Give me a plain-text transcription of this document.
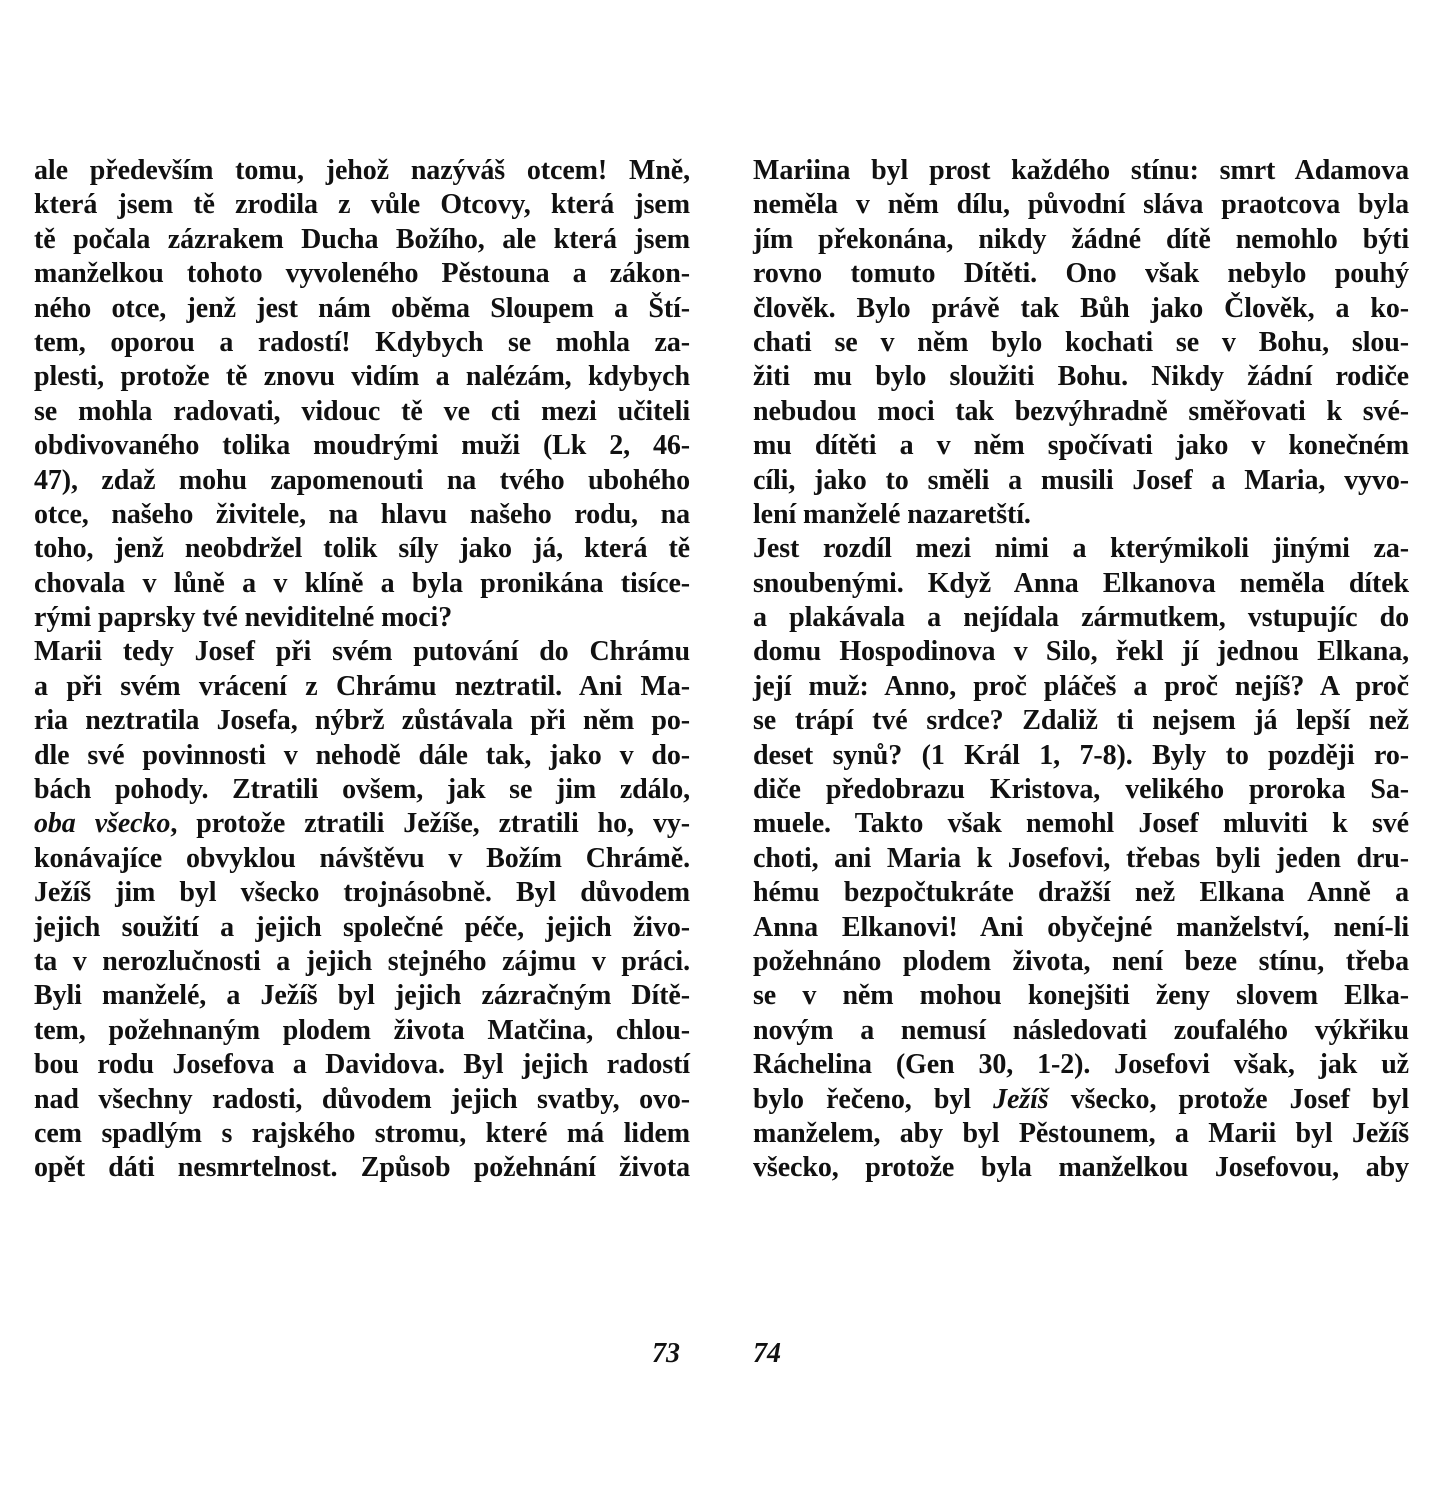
ale především tomu, jehož nazýváš otcem! Mně,
která jsem tě zrodila z vůle Otcovy, která jsem
tě počala zázrakem Ducha Božího, ale která jsem
manželkou tohoto vyvoleného Pěstouna a zákon-
ného otce, jenž jest nám oběma Sloupem a Ští-
tem, oporou a radostí! Kdybych se mohla za-
plesti, protože tě znovu vidím a nalézám, kdybych
se mohla radovati, vidouc tě ve cti mezi učiteli
obdivovaného tolika moudrými muži (Lk 2, 46-
47), zdaž mohu zapomenouti na tvého ubohého
otce, našeho živitele, na hlavu našeho rodu, na
toho, jenž neobdržel tolik síly jako já, která tě
chovala v lůně a v klíně a byla pronikána tisíce-
rými paprsky tvé neviditelné moci?
Marii tedy Josef při svém putování do Chrámu
a při svém vrácení z Chrámu neztratil. Ani Ma-
ria neztratila Josefa, nýbrž zůstávala při něm po-
dle své povinnosti v nehodě dále tak, jako v do-
bách pohody. Ztratili ovšem, jak se jim zdálo,
oba všecko, protože ztratili Ježíše, ztratili ho, vy-
konávajíce obvyklou návštěvu v Božím Chrámě.
Ježíš jim byl všecko trojnásobně. Byl důvodem
jejich soužití a jejich společné péče, jejich živo-
ta v nerozlučnosti a jejich stejného zájmu v práci.
Byli manželé, a Ježíš byl jejich zázračným Dítě-
tem, požehnaným plodem života Matčina, chlou-
bou rodu Josefova a Davidova. Byl jejich radostí
nad všechny radosti, důvodem jejich svatby, ovo-
cem spadlým s rajského stromu, které má lidem
opět dáti nesmrtelnost. Způsob požehnání života
Mariina byl prost každého stínu: smrt Adamova
neměla v něm dílu, původní sláva praotcova byla
jím překonána, nikdy žádné dítě nemohlo býti
rovno tomuto Dítěti. Ono však nebylo pouhý
člověk. Bylo právě tak Bůh jako Člověk, a ko-
chati se v něm bylo kochati se v Bohu, slou-
žiti mu bylo sloužiti Bohu. Nikdy žádní rodiče
nebudou moci tak bezvýhradně směřovati k své-
mu dítěti a v něm spočívati jako v konečném
cíli, jako to směli a musili Josef a Maria, vyvo-
lení manželé nazaretští.
Jest rozdíl mezi nimi a kterýmikoli jinými za-
snoubenými. Když Anna Elkanova neměla dítek
a plakávala a nejídala zármutkem, vstupujíc do
domu Hospodinova v Silo, řekl jí jednou Elkana,
její muž: Anno, proč pláčeš a proč nejíš? A proč
se trápí tvé srdce? Zdaliž ti nejsem já lepší než
deset synů? (1 Král 1, 7-8). Byly to později ro-
diče předobrazu Kristova, velikého proroka Sa-
muele. Takto však nemohl Josef mluviti k své
choti, ani Maria k Josefovi, třebas byli jeden dru-
hému bezpočtukráte dražší než Elkana Anně a
Anna Elkanovi! Ani obyčejné manželství, není-li
požehnáno plodem života, není beze stínu, třeba
se v něm mohou konejšiti ženy slovem Elka-
novým a nemusí následovati zoufalého výkřiku
Ráchelina (Gen 30, 1-2). Josefovi však, jak už
bylo řečeno, byl Ježíš všecko, protože Josef byl
manželem, aby byl Pěstounem, a Marii byl Ježíš
všecko, protože byla manželkou Josefovou, aby
73	74
